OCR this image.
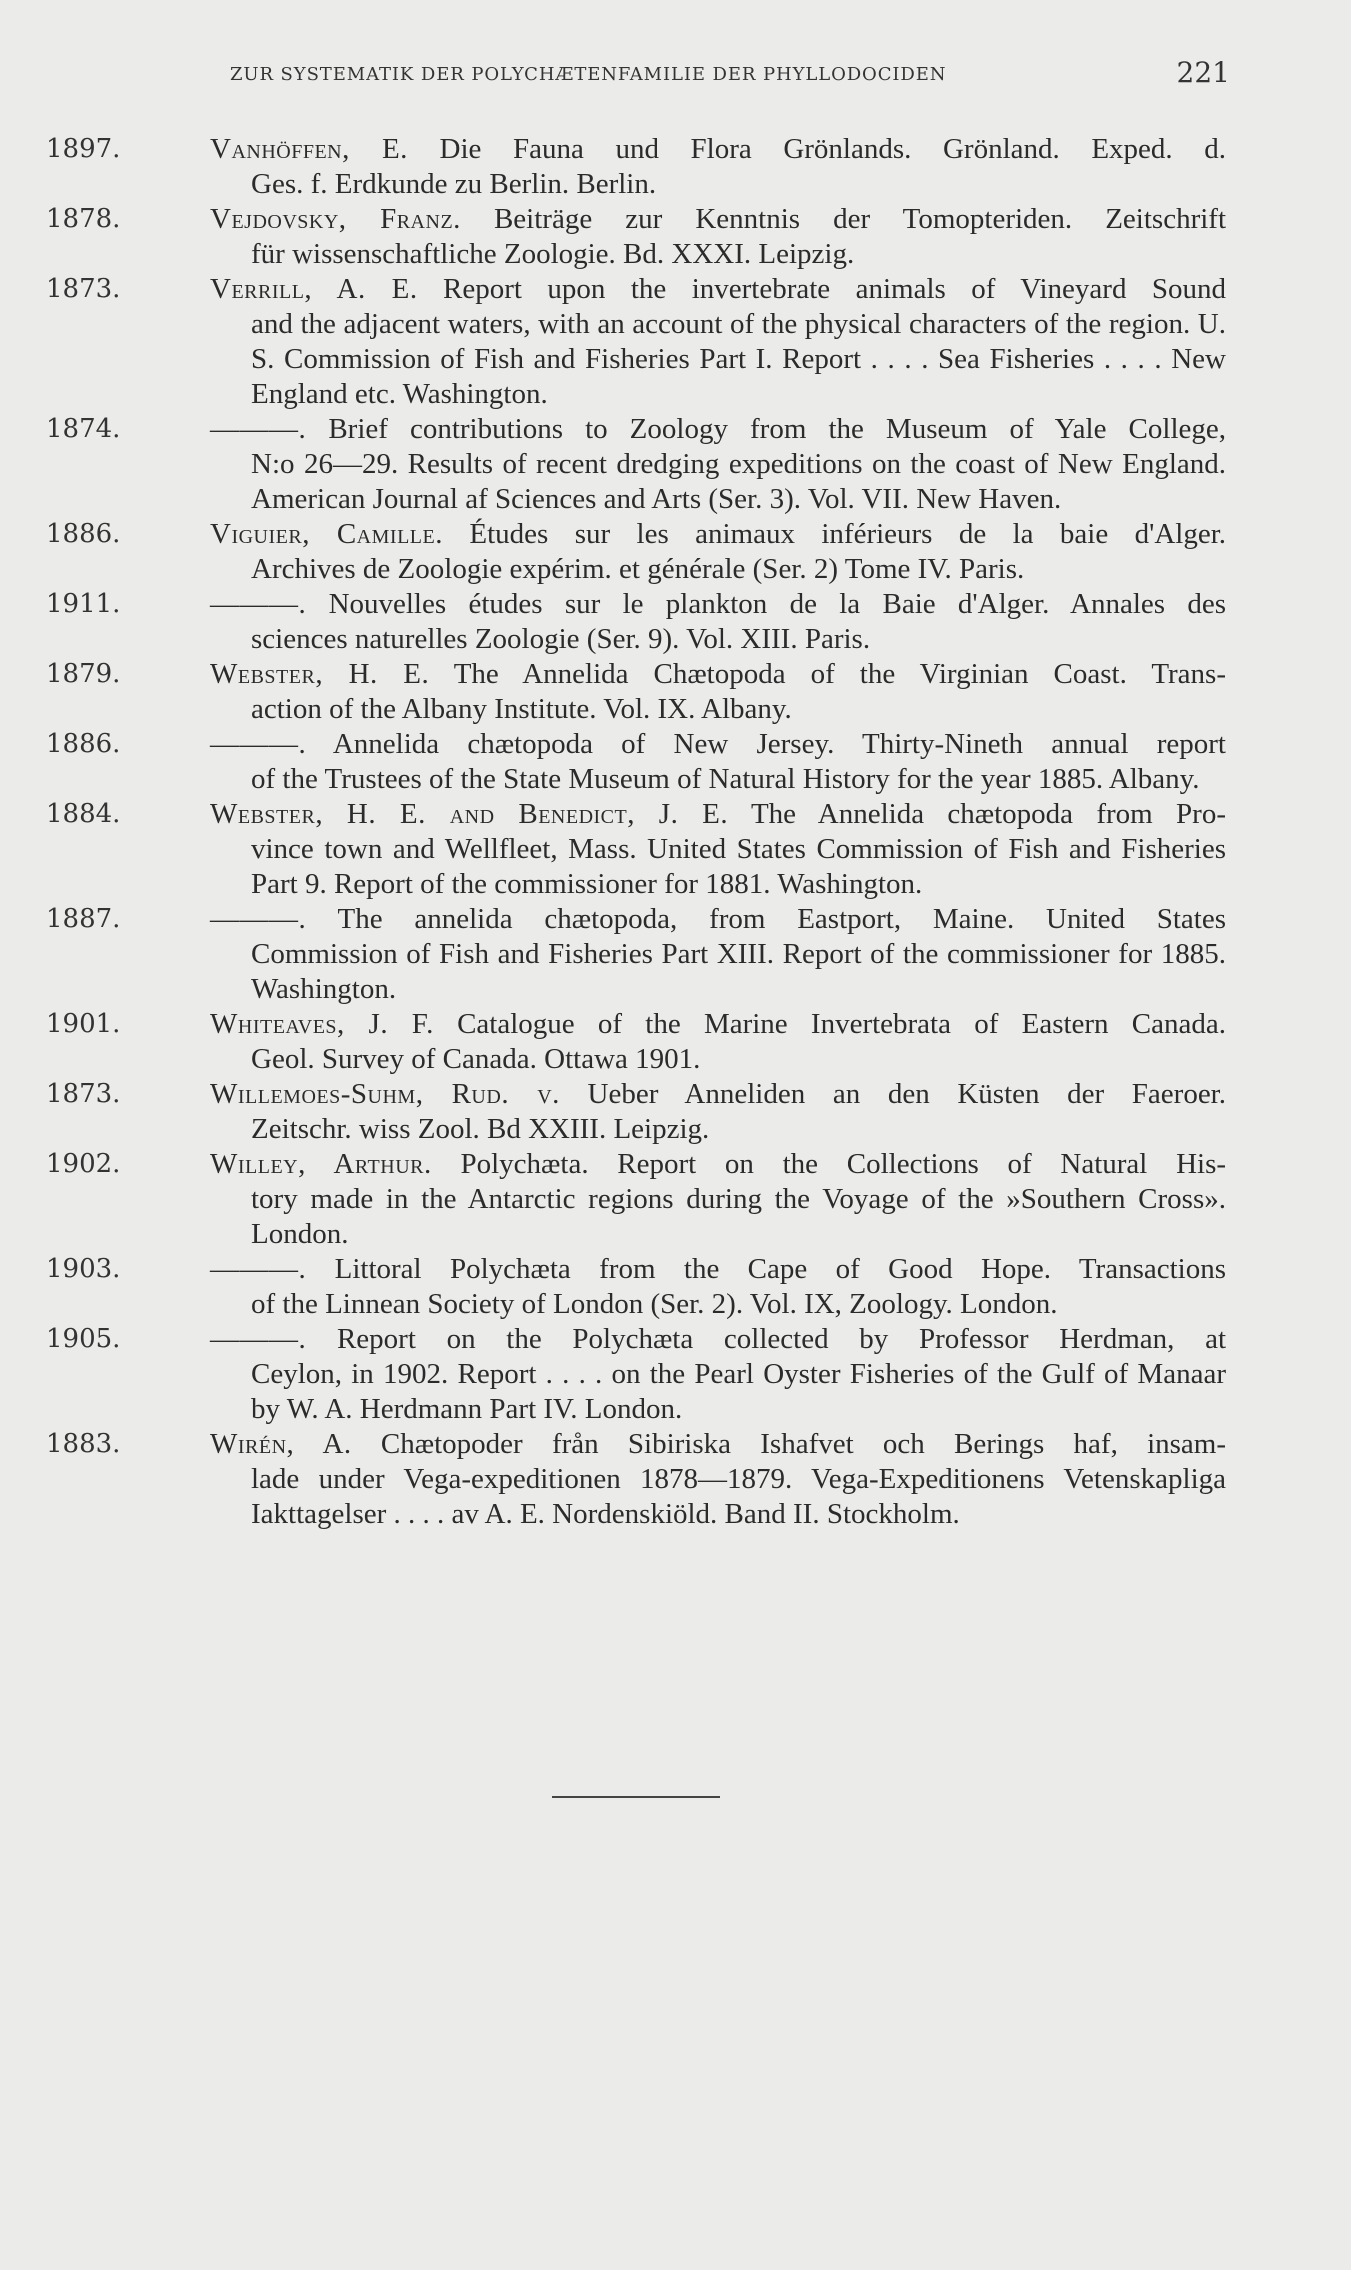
ZUR SYSTEMATIK DER POLYCHÆTENFAMILIE DER PHYLLODOCIDEN	221
1897.	Vanhöffen, E. Die Fauna und Flora Grönlands. Grönland. Exped. d.
Ges. f. Erdkunde zu Berlin. Berlin.
1878.	Vejdovsky, Franz. Beiträge zur Kenntnis der Tomopteriden. Zeitschrift
für wissenschaftliche Zoologie. Bd. XXXI. Leipzig.
1873.	Verrill, A. E. Report upon the invertebrate animals of Vineyard Sound
and the adjacent waters, with an account of the physical characters of the region. U. S. Commission of Fish and Fisheries Part I. Report . . . . Sea Fisheries . . . . New England etc. Washington.
1874.	———. Brief contributions to Zoology from the Museum of Yale College,
N:o 26—29. Results of recent dredging expeditions on the coast of New England. American Journal af Sciences and Arts (Ser. 3). Vol. VII. New Haven.
1886.	Viguier, Camille. Études sur les animaux inférieurs de la baie d'Alger.
Archives de Zoologie expérim. et générale (Ser. 2) Tome IV. Paris.
1911.	———. Nouvelles études sur le plankton de la Baie d'Alger. Annales des
sciences naturelles Zoologie (Ser. 9). Vol. XIII. Paris.
1879.	Webster, H. E. The Annelida Chætopoda of the Virginian Coast. Trans-
action of the Albany Institute. Vol. IX. Albany.
1886.	———. Annelida chætopoda of New Jersey. Thirty-Nineth annual report
of the Trustees of the State Museum of Natural History for the year 1885. Albany.
1884.	Webster, H. E. and Benedict, J. E. The Annelida chætopoda from Pro-
vince town and Wellfleet, Mass. United States Commission of Fish and Fisheries Part 9. Report of the commissioner for 1881. Washington.
1887.	———. The annelida chætopoda, from Eastport, Maine. United States
Commission of Fish and Fisheries Part XIII. Report of the commissioner for 1885. Washington.
1901.	Whiteaves, J. F. Catalogue of the Marine Invertebrata of Eastern Canada.
Geol. Survey of Canada. Ottawa 1901.
1873.	Willemoes-Suhm, Rud. v. Ueber Anneliden an den Küsten der Faeroer.
Zeitschr. wiss Zool. Bd XXIII. Leipzig.
1902.	Willey, Arthur. Polychæta. Report on the Collections of Natural His-
tory made in the Antarctic regions during the Voyage of the »Southern Cross». London.
1903.	———. Littoral Polychæta from the Cape of Good Hope. Transactions
of the Linnean Society of London (Ser. 2). Vol. IX, Zoology. London.
1905.	———. Report on the Polychæta collected by Professor Herdman, at
Ceylon, in 1902. Report . . . . on the Pearl Oyster Fisheries of the Gulf of Manaar by W. A. Herdmann Part IV. London.
1883.	Wirén, A. Chætopoder från Sibiriska Ishafvet och Berings haf, insam-
lade under Vega-expeditionen 1878—1879. Vega-Expeditionens Vetenskapliga Iakttagelser . . . . av A. E. Nordenskiöld. Band II. Stockholm.
